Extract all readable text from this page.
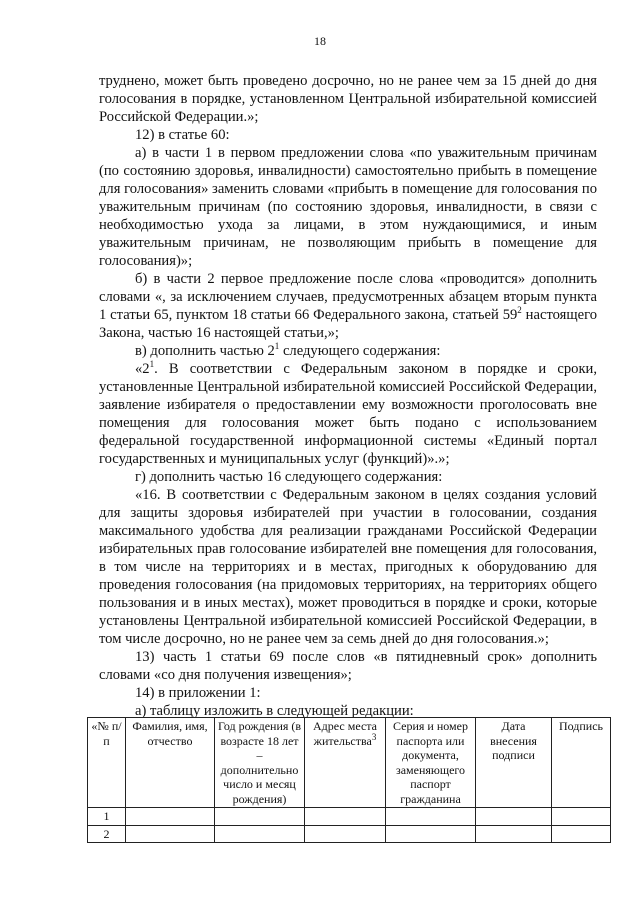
18

труднено, может быть проведено досрочно, но не ранее чем за 15 дней до дня голосования в порядке, установленном Центральной избирательной комиссией Российской Федерации.»;

12) в статье 60:

а) в части 1 в первом предложении слова «по уважительным причинам (по состоянию здоровья, инвалидности) самостоятельно прибыть в помещение для голосования» заменить словами «прибыть в помещение для голосования по уважительным причинам (по состоянию здоровья, инвалидности, в связи с необходимостью ухода за лицами, в этом нуждающимися, и иным уважительным причинам, не позволяющим прибыть в помещение для голосования)»;

б) в части 2 первое предложение после слова «проводится» дополнить словами «, за исключением случаев, предусмотренных абзацем вторым пункта 1 статьи 65, пунктом 18 статьи 66 Федерального закона, статьей $59^2$ настоящего Закона, частью 16 настоящей статьи,»;

в) дополнить частью $2^1$ следующего содержания:

«$2^1$. В соответствии с Федеральным законом в порядке и сроки, установленные Центральной избирательной комиссией Российской Федерации, заявление избирателя о предоставлении ему возможности проголосовать вне помещения для голосования может быть подано с использованием федеральной государственной информационной системы «Единый портал государственных и муниципальных услуг (функций)».»;

г) дополнить частью 16 следующего содержания:

«16. В соответствии с Федеральным законом в целях создания условий для защиты здоровья избирателей при участии в голосовании, создания максимального удобства для реализации гражданами Российской Федерации избирательных прав голосование избирателей вне помещения для голосования, в том числе на территориях и в местах, пригодных к оборудованию для проведения голосования (на придомовых территориях, на территориях общего пользования и в иных местах), может проводиться в порядке и сроки, которые установлены Центральной избирательной комиссией Российской Федерации, в том числе досрочно, но не ранее чем за семь дней до дня голосования.»;

13) часть 1 статьи 69 после слов «в пятидневный срок» дополнить словами «со дня получения извещения»;

14) в приложении 1:

а) таблицу изложить в следующей редакции:

«№ п/п	Фамилия, имя, отчество	Год рождения (в возрасте 18 лет – дополнительно число и месяц рождения)	Адрес места жительства$^3$	Серия и номер паспорта или документа, заменяющего паспорт гражданина	Дата внесения подписи	Подпись
1						
2						
